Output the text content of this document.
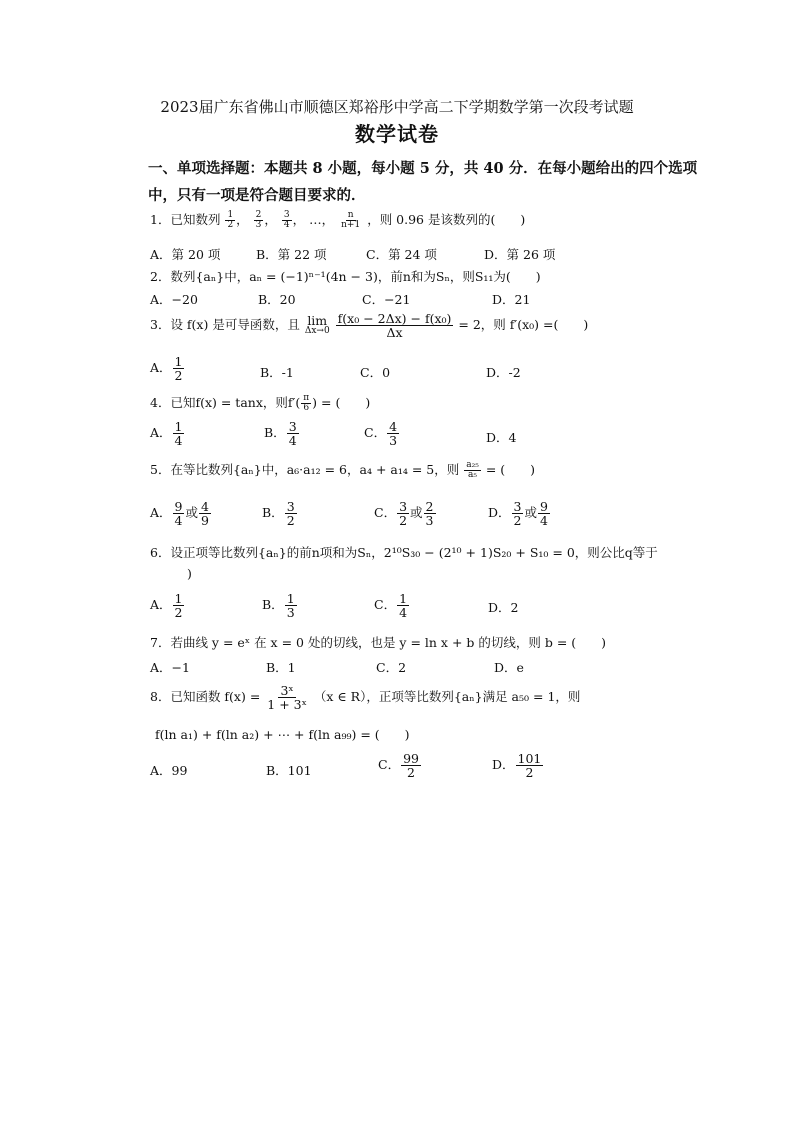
2023届广东省佛山市顺德区郑裕彤中学高二下学期数学第一次段考试题
数学试卷
一、单项选择题：本题共 8 小题，每小题 5 分，共 40 分．在每小题给出的四个选项
中，只有一项是符合题目要求的．
1．已知数列 $\frac{1}{2}$ ， $\frac{2}{3}$ ， $\frac{3}{4}$ ， …， $\frac{n}{n+1}$ ，则 0.96 是该数列的(　　)
A．第 20 项	B．第 22 项	C．第 24 项	D．第 26 项
2．数列{aₙ}中，aₙ = (−1)ⁿ⁻¹(4n − 3)，前n和为Sₙ，则S₁₁为(　　)
A．−20	B．20	C．−21	D．21
3．设 f(x) 是可导函数，且 lim
Δx→0
$\frac{\text{f(x₀ − 2Δx) − f(x₀)}}{\Delta x} = 2$，则 f′(x₀) =(　　)
A． $\frac{1}{2}$	B．-1	C．0	D．-2
4．已知f(x) = tanx，则$f'( \frac{\pi}{6}$ ) = (　　)
A． $\frac{1}{4}$	B． $\frac{3}{4}$	C． $\frac{4}{3}$	D．4
5．在等比数列{aₙ}中，a₆·a₁₂ = 6，a₄ + a₁₄ = 5，则 $\frac{\text{a₂₅}}{\text{a₅}}$ = (　　)
A． $\frac{9}{4}$ 或 $\frac{4}{9}$	B． $\frac{3}{2}$	C． $\frac{3}{2}$ 或 $\frac{2}{3}$	D． $\frac{3}{2}$ 或 $\frac{9}{4}$
6．设正项等比数列{aₙ}的前n项和为Sₙ，2¹⁰S₃₀ − (2¹⁰ + 1)S₂₀ + S₁₀ = 0，则公比q等于
)
A． $\frac{1}{2}$	B． $\frac{1}{3}$	C． $\frac{1}{4}$	D．2
7．若曲线 y = eˣ 在 x = 0 处的切线，也是 y = ln x + b 的切线，则 b = (　　)
A．−1	B．1	C．2	D．e
8．已知函数 $f(x) = \frac{\text{3ˣ}}{\text{1 + 3ˣ}} (x$ ∈ R），正项等比数列{aₙ}满足 a₅₀ = 1，则
f(ln a₁) + f(ln a₂) + ⋯ + f(ln a₉₉) = (　　)
A．99	B．101	C． $\frac{99}{2}$	D． $\frac{101}{2}$
